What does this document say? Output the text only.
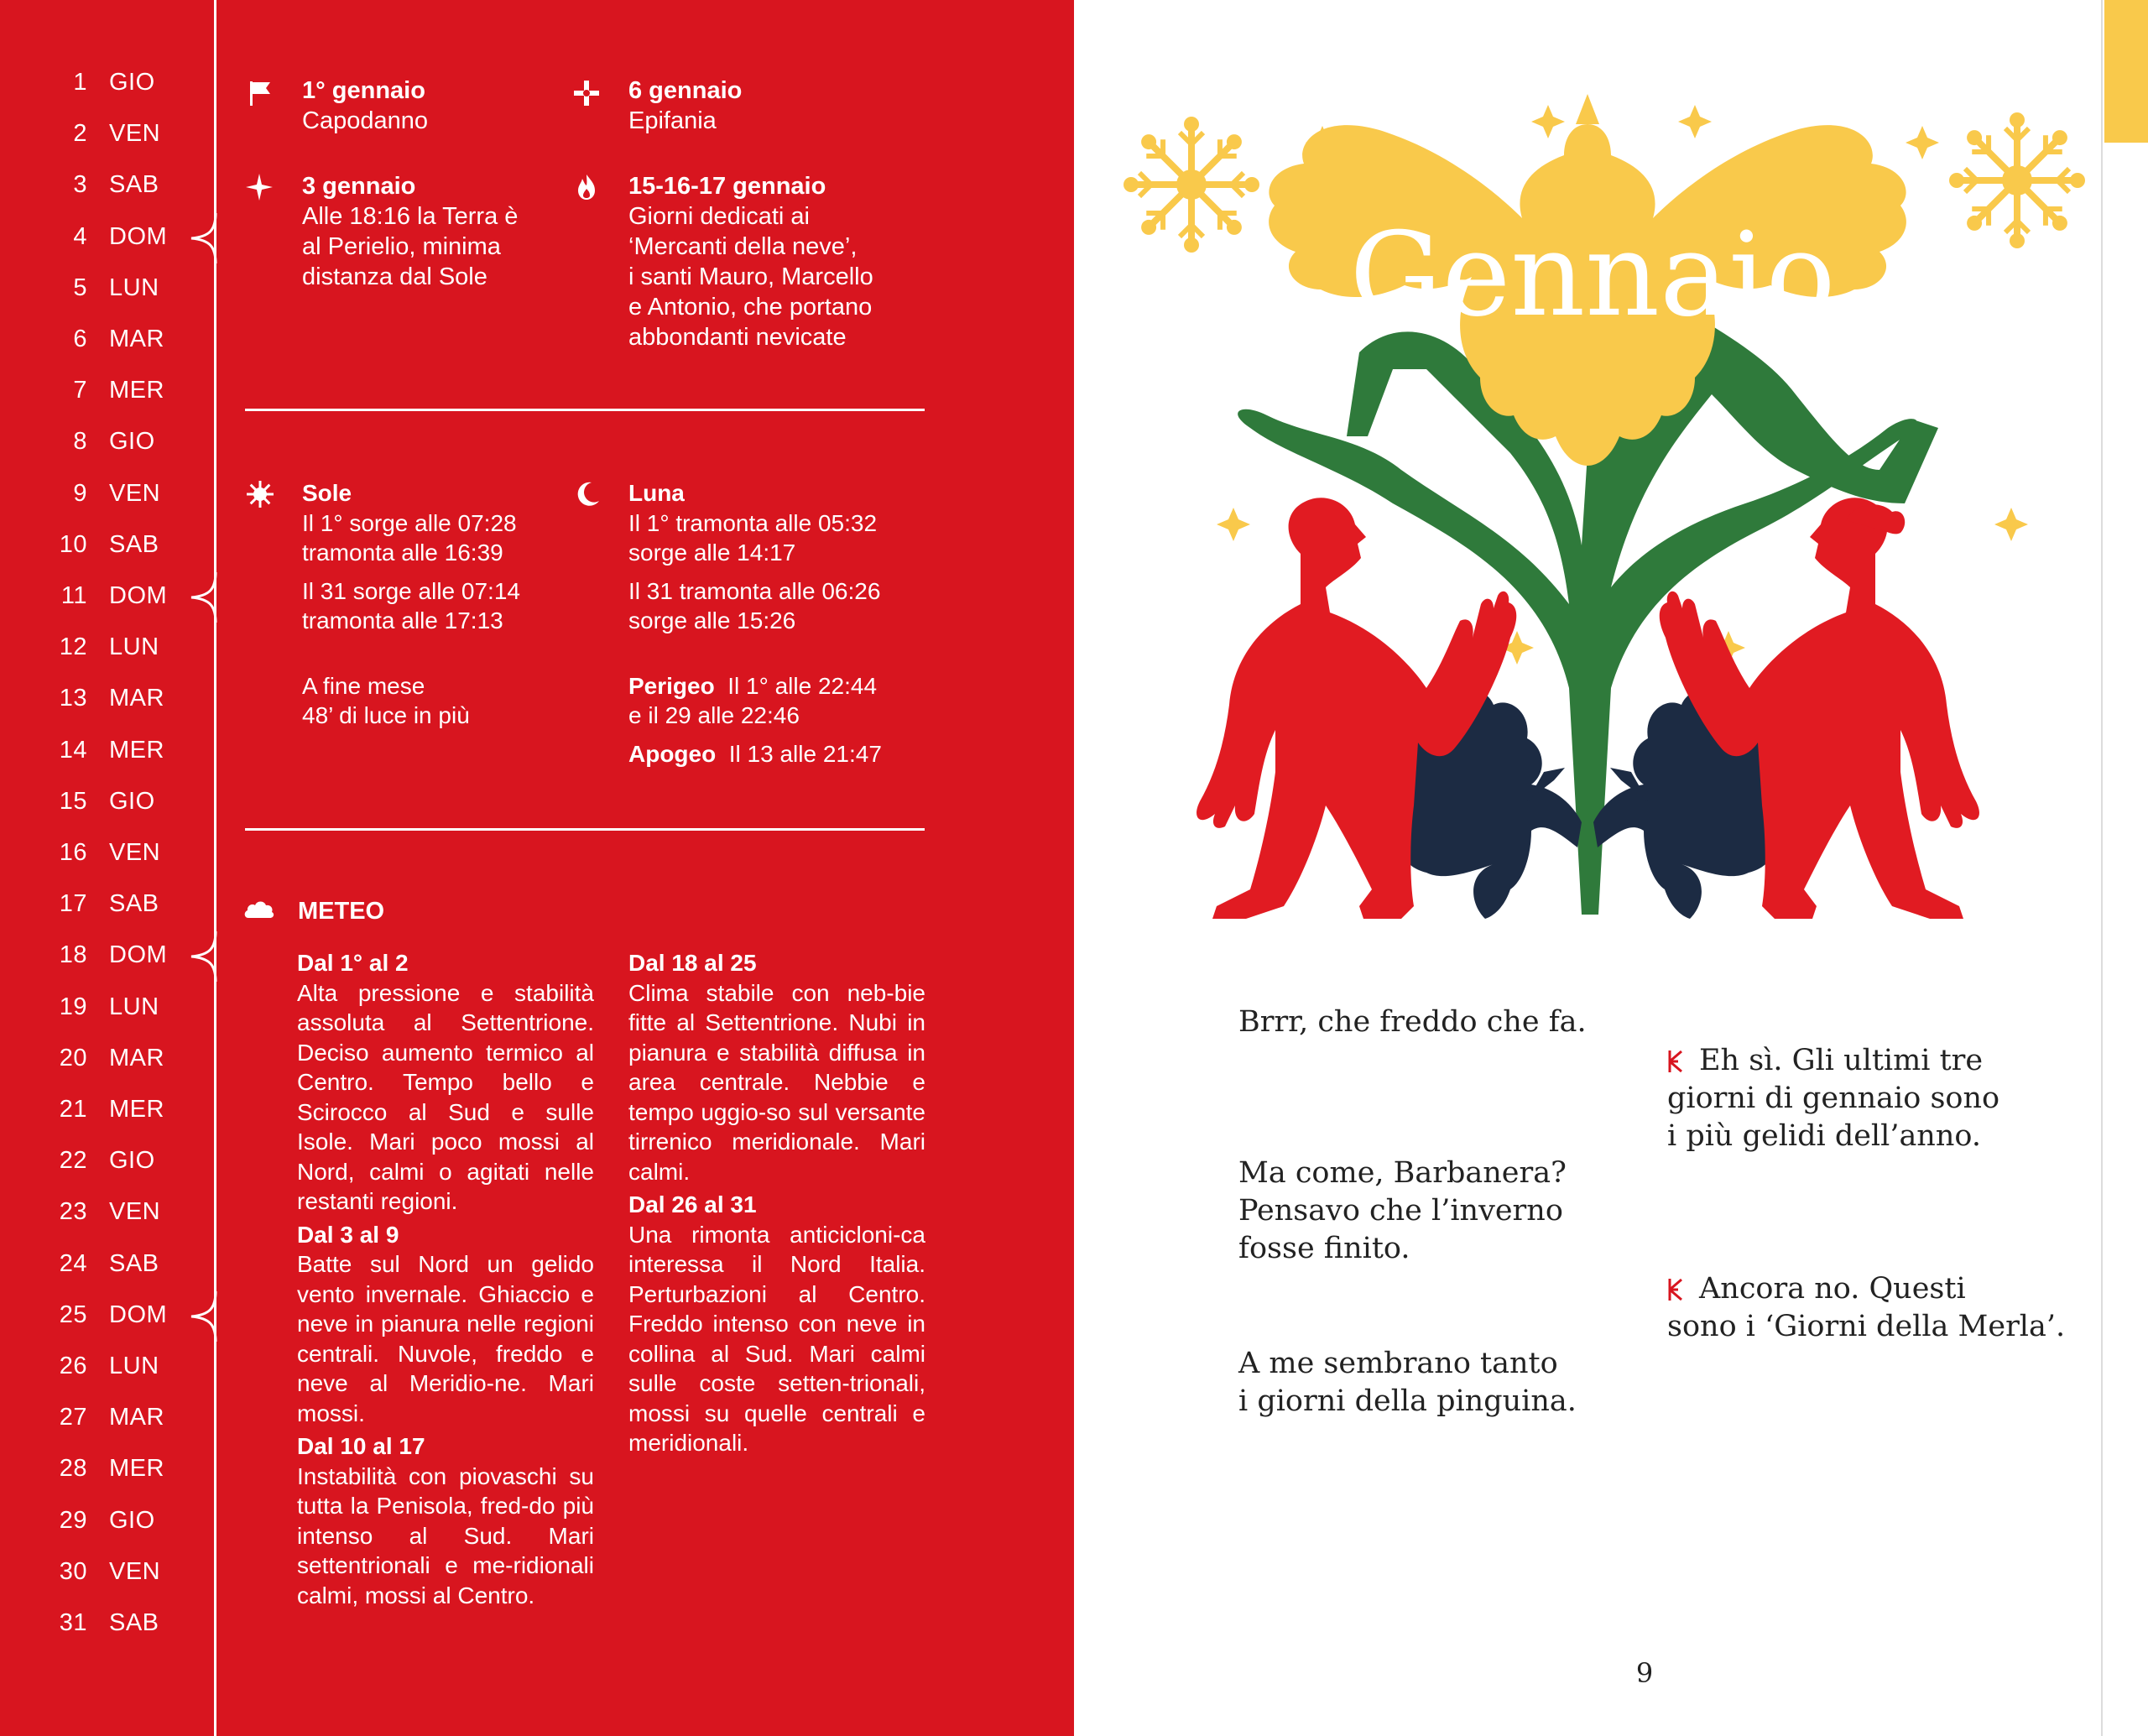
1 GIO
2 VEN
3 SAB
4 DOM
5 LUN
6 MAR
7 MER
8 GIO
9 VEN
10 SAB
11 DOM
12 LUN
13 MAR
14 MER
15 GIO
16 VEN
17 SAB
18 DOM
19 LUN
20 MAR
21 MER
22 GIO
23 VEN
24 SAB
25 DOM
26 LUN
27 MAR
28 MER
29 GIO
30 VEN
31 SAB
1° gennaio
Capodanno
6 gennaio
Epifania
3 gennaio
Alle 18:16 la Terra è
al Perielio, minima
distanza dal Sole
15-16-17 gennaio
Giorni dedicati ai
‘Mercanti della neve’,
i santi Mauro, Marcello
e Antonio, che portano
abbondanti nevicate
Sole
Il 1° sorge alle 07:28
tramonta alle 16:39

Il 31 sorge alle 07:14
tramonta alle 17:13

A fine mese
48’ di luce in più
Luna
Il 1° tramonta alle 05:32
sorge alle 14:17

Il 31 tramonta alle 06:26
sorge alle 15:26

Perigeo Il 1° alle 22:44
e il 29 alle 22:46

Apogeo Il 13 alle 21:47
METEO

Dal 1° al 2
Alta pressione e stabilità assoluta al Settentrione. Deciso aumento termico al Centro. Tempo bello e Scirocco al Sud e sulle Isole. Mari poco mossi al Nord, calmi o agitati nelle restanti regioni.

Dal 3 al 9
Batte sul Nord un gelido vento invernale. Ghiaccio e neve in pianura nelle regioni centrali. Nuvole, freddo e neve al Meridio-ne. Mari mossi.

Dal 10 al 17
Instabilità con piovaschi su tutta la Penisola, fred-do più intenso al Sud. Mari settentrionali e me-ridionali calmi, mossi al Centro.

Dal 18 al 25
Clima stabile con neb-bie fitte al Settentrione. Nubi in pianura e stabilità diffusa in area centrale. Nebbie e tempo uggio-so sul versante tirrenico meridionale. Mari calmi.

Dal 26 al 31
Una rimonta anticicloni-ca interessa il Nord Italia. Perturbazioni al Centro. Freddo intenso con neve in collina al Sud. Mari calmi sulle coste setten-trionali, mossi su quelle centrali e meridionali.

Gennaio
Brrr, che freddo che fa.
Eh sì. Gli ultimi tre
giorni di gennaio sono
i più gelidi dell’anno.
Ma come, Barbanera?
Pensavo che l’inverno
fosse finito.
Ancora no. Questi
sono i ‘Giorni della Merla’.
A me sembrano tanto
i giorni della pinguina.
9
